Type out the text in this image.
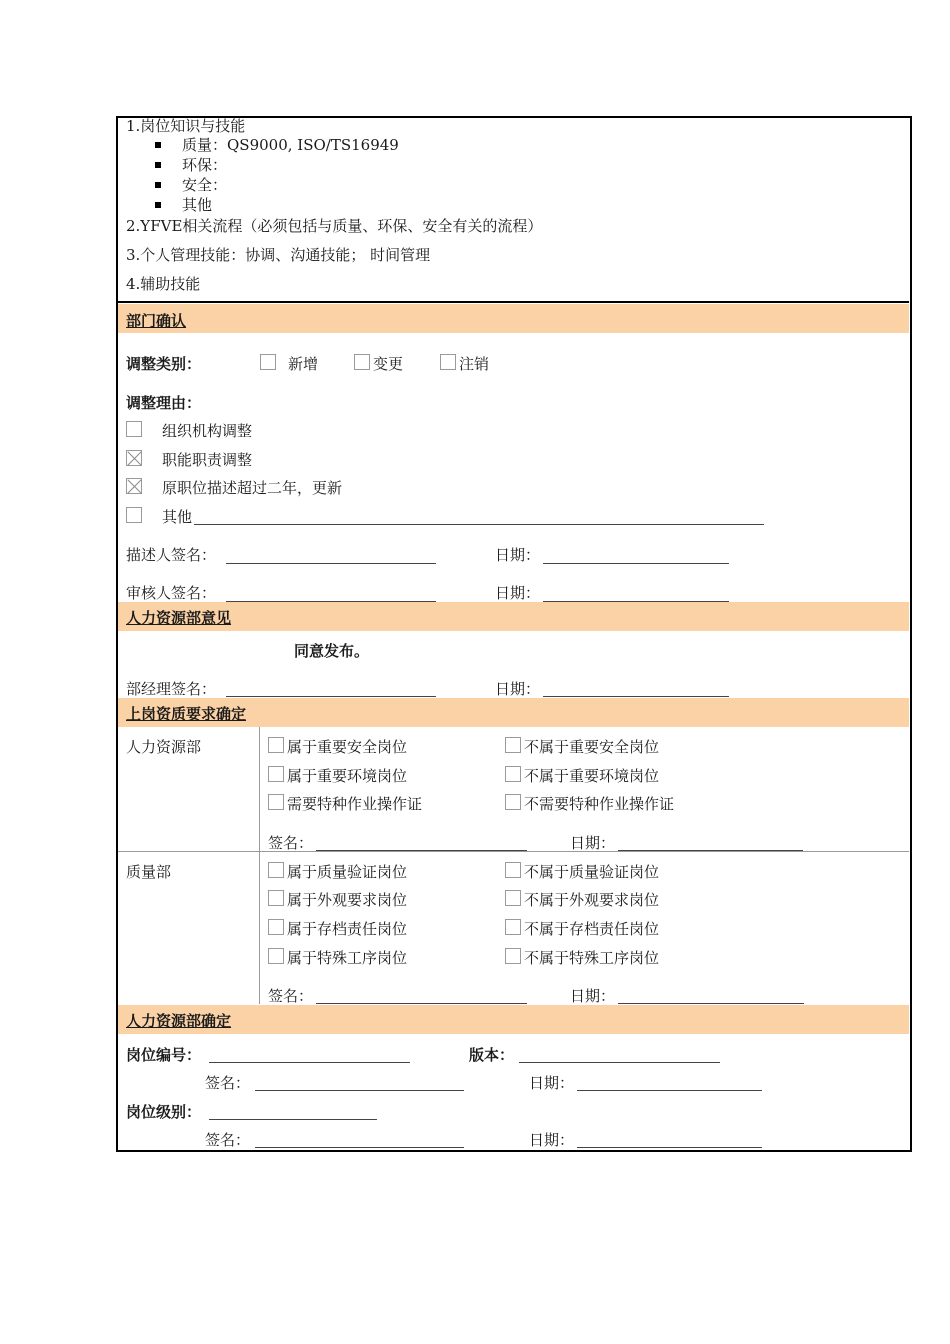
1.岗位知识与技能
质量：QS9000, ISO/TS16949
环保：
安全：
其他
2.YFVE相关流程（必须包括与质量、环保、安全有关的流程）
3.个人管理技能：协调、沟通技能； 时间管理
4.辅助技能
部门确认
调整类别：	新增	变更	注销
调整理由：
组织机构调整
职能职责调整
原职位描述超过二年，更新
其他
描述人签名：	日期：
审核人签名：	日期：
人力资源部意见
同意发布。
部经理签名：	日期：
上岗资质要求确定
人力资源部	属于重要安全岗位	不属于重要安全岗位
属于重要环境岗位	不属于重要环境岗位
需要特种作业操作证	不需要特种作业操作证
签名：	日期：
质量部	属于质量验证岗位	不属于质量验证岗位
属于外观要求岗位	不属于外观要求岗位
属于存档责任岗位	不属于存档责任岗位
属于特殊工序岗位	不属于特殊工序岗位
签名：	日期：
人力资源部确定
岗位编号：	版本：
签名：	日期：
岗位级别：
签名：	日期：
